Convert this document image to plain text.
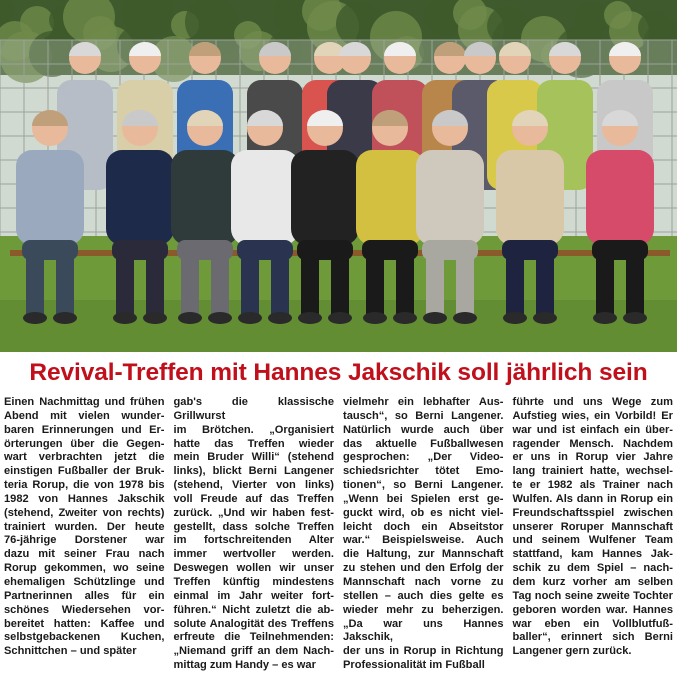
Revival-Treffen mit Hannes Jakschik soll jährlich sein
Einen Nachmittag und frühen
Abend mit vielen wunder-
baren Erinnerungen und Er-
örterungen über die Gegen-
wart verbrachten jetzt die
einstigen Fußballer der Bruk-
teria Rorup, die von 1978 bis
1982 von Hannes Jakschik
(stehend, Zweiter von rechts)
trainiert wurden. Der heute
76-jährige Dorstener war
dazu mit seiner Frau nach
Rorup gekommen, wo seine
ehemaligen Schützlinge und
Partnerinnen alles für ein
schönes Wiedersehen vor-
bereitet hatten: Kaffee und
selbstgebackenen Kuchen,
Schnittchen – und später
gab's die klassische Grillwurst
im Brötchen. „Organisiert
hatte das Treffen wieder
mein Bruder Willi“ (stehend
links), blickt Berni Langener
(stehend, Vierter von links)
voll Freude auf das Treffen
zurück. „Und wir haben fest-
gestellt, dass solche Treffen
im fortschreitenden Alter
immer wertvoller werden.
Deswegen wollen wir unser
Treffen künftig mindestens
einmal im Jahr weiter fort-
führen.“ Nicht zuletzt die ab-
solute Analogität des Treffens
erfreute die Teilnehmenden:
„Niemand griff an dem Nach-
mittag zum Handy – es war
vielmehr ein lebhafter Aus-
tausch“, so Berni Langener.
Natürlich wurde auch über
das aktuelle Fußballwesen
gesprochen: „Der Video-
schiedsrichter tötet Emo-
tionen“, so Berni Langener.
„Wenn bei Spielen erst ge-
guckt wird, ob es nicht viel-
leicht doch ein Abseitstor
war.“ Beispielsweise. Auch
die Haltung, zur Mannschaft
zu stehen und den Erfolg der
Mannschaft nach vorne zu
stellen – auch dies gelte es
wieder mehr zu beherzigen.
„Da war uns Hannes Jakschik,
der uns in Rorup in Richtung
Professionalität im Fußball
führte und uns Wege zum
Aufstieg wies, ein Vorbild! Er
war und ist einfach ein über-
ragender Mensch. Nachdem
er uns in Rorup vier Jahre
lang trainiert hatte, wechsel-
te er 1982 als Trainer nach
Wulfen. Als dann in Rorup ein
Freundschaftsspiel zwischen
unserer Roruper Mannschaft
und seinem Wulfener Team
stattfand, kam Hannes Jak-
schik zu dem Spiel – nach-
dem kurz vorher am selben
Tag noch seine zweite Tochter
geboren worden war. Hannes
war eben ein Vollblutfuß-
baller“, erinnert sich Berni
Langener gern zurück.
